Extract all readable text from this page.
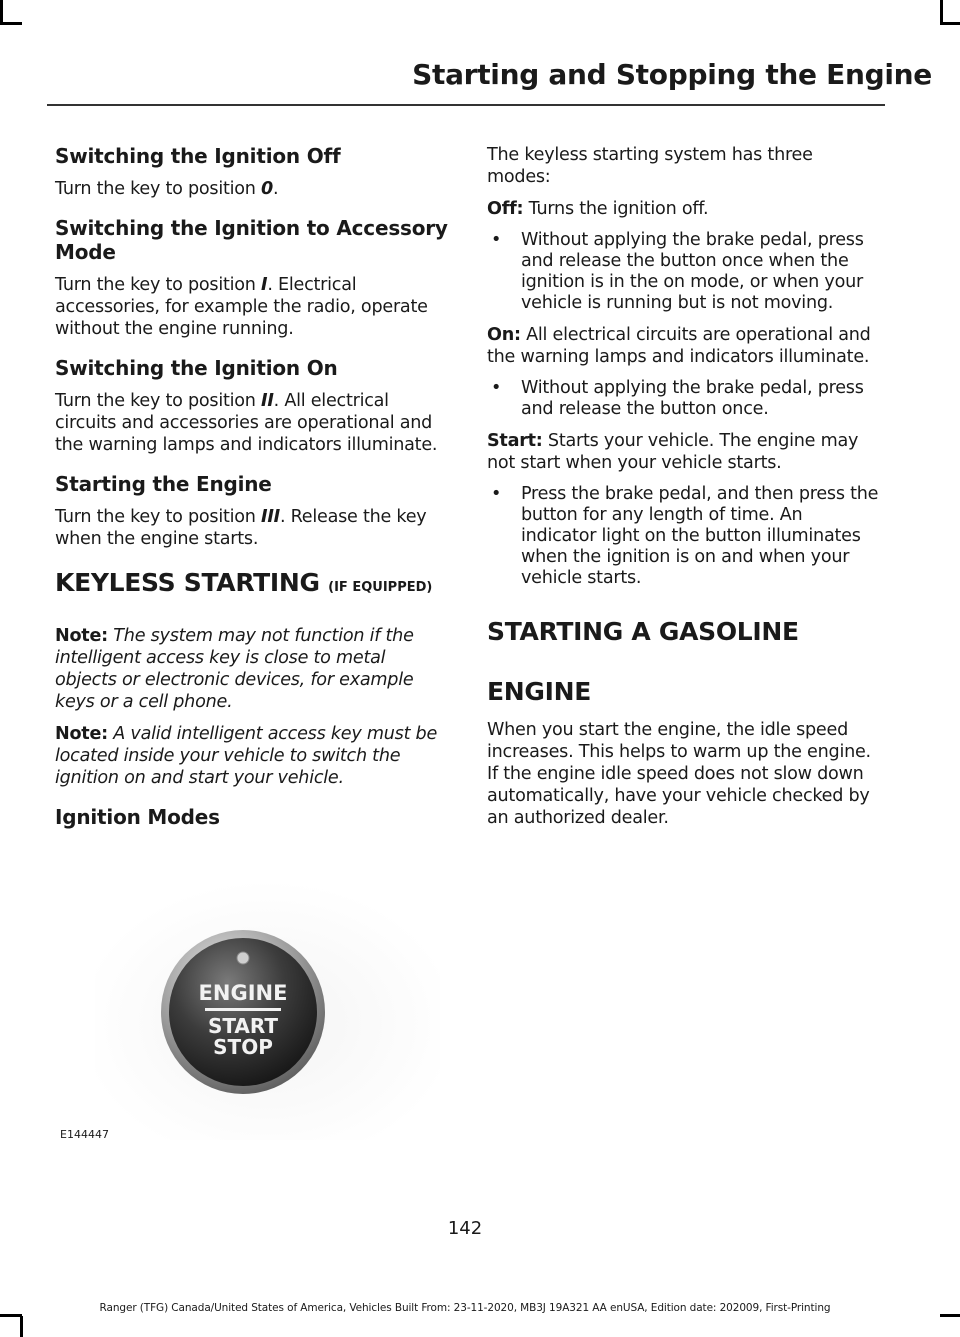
Starting and Stopping the Engine
Switching the Ignition Off

Turn the key to position 0.

Switching the Ignition to Accessory Mode

Turn the key to position I. Electrical accessories, for example the radio, operate without the engine running.

Switching the Ignition On

Turn the key to position II. All electrical circuits and accessories are operational and the warning lamps and indicators illuminate.

Starting the Engine

Turn the key to position III. Release the key when the engine starts.

KEYLESS STARTING (IF EQUIPPED)

Note: The system may not function if the intelligent access key is close to metal objects or electronic devices, for example keys or a cell phone.

Note: A valid intelligent access key must be located inside your vehicle to switch the ignition on and start your vehicle.

Ignition Modes
ENGINE
START
STOP
E144447

The keyless starting system has three modes:

Off: Turns the ignition off.

• Without applying the brake pedal, press and release the button once when the ignition is in the on mode, or when your vehicle is running but is not moving.

On: All electrical circuits are operational and the warning lamps and indicators illuminate.

• Without applying the brake pedal, press and release the button once.

Start: Starts your vehicle. The engine may not start when your vehicle starts.

• Press the brake pedal, and then press the button for any length of time. An indicator light on the button illuminates when the ignition is on and when your vehicle starts.
STARTING A GASOLINE

ENGINE

When you start the engine, the idle speed increases. This helps to warm up the engine. If the engine idle speed does not slow down automatically, have your vehicle checked by an authorized dealer.

142
Ranger (TFG) Canada/United States of America, Vehicles Built From: 23-11-2020, MB3J 19A321 AA enUSA, Edition date: 202009, First-Printing
